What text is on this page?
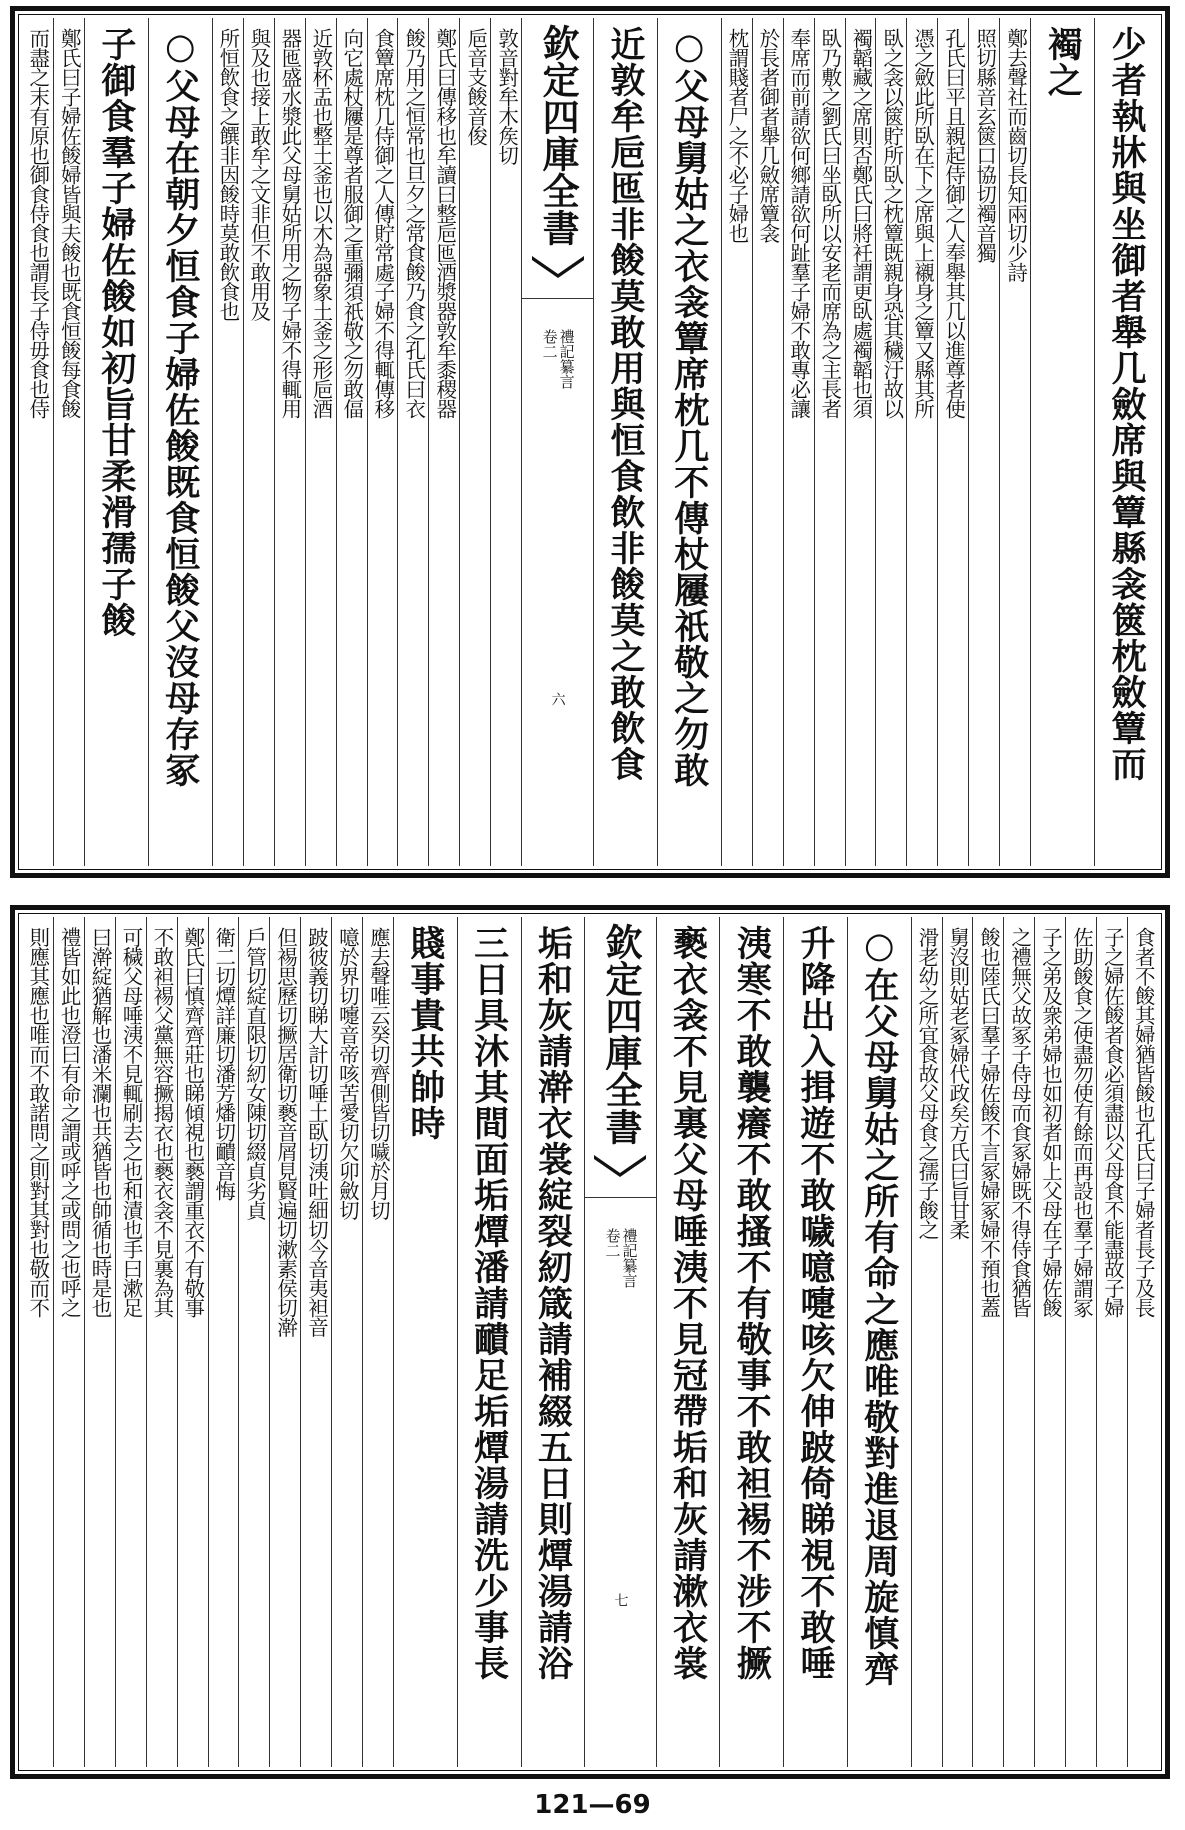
少者執牀與坐御者舉几斂席與簟縣衾篋枕斂簟而
襡之
鄭去聲社而齒切長知兩切少詩
照切縣音玄篋口協切襡音獨
孔氏曰平且親起侍御之人奉舉其几以進尊者使
憑之斂此所臥在下之席與上襯身之簟又縣其所
臥之衾以篋貯所臥之枕簟既親身恐其穢汙故以
襡韜藏之席則否鄭氏曰將衽謂更臥處襡韜也須
臥乃敷之劉氏曰坐臥所以安老而席為之主長者
奉席而前請欲何鄉請欲何趾羣子婦不敢專必讓
於長者御者舉几斂席簟衾
枕謂賤者尸之不必子婦也
○父母舅姑之衣衾簟席枕几不傳杖屨祇敬之勿敢
近敦牟巵匜非餕莫敢用與恒食飲非餕莫之敢飲食
欽定四庫全書
禮記纂言
卷二
六
敦音對牟木矦切
巵音支餕音俊
鄭氏曰傳移也牟讀曰整巵匜酒漿器敦牟黍稷器
餕乃用之恒常也旦夕之常食餕乃食之孔氏曰衣
食簟席枕几侍御之人傳貯常處子婦不得輒傳移
向它處杖屨是尊者服御之重彌須祇敬之勿敢偪
近敦杯盂也整土釜也以木為器象土釜之形巵酒
器匜盛水漿此父母舅姑所用之物子婦不得輒用
與及也接上敢牟之文非但不敢用及
所恒飲食之饌非因餕時莫敢飲食也
○父母在朝夕恒食子婦佐餕既食恒餕父沒母存冢
子御食羣子婦佐餕如初旨甘柔滑孺子餕
鄭氏曰子婦佐餕婦皆與夫餕也既食恒餕每食餕
而盡之末有原也御食侍食也謂長子侍毋食也侍
食者不餕其婦猶皆餕也孔氏曰子婦者長子及長
子之婦佐餕者食必須盡以父母食不能盡故子婦
佐助餕食之使盡勿使有餘而再設也羣子婦謂冢
子之弟及衆弟婦也如初者如上父母在子婦佐餕
之禮無父故冢子侍母而食冢婦既不得侍食猶皆
餕也陸氏曰羣子婦佐餕不言冢婦冢婦不預也蓋
舅沒則姑老冢婦代政矣方氏曰旨甘柔
滑老幼之所宜食故父母食之孺子餕之
○在父母舅姑之所有命之應唯敬對進退周旋慎齊
升降出入揖遊不敢噦噫嚏咳欠伸跛倚睇視不敢唾
洟寒不敢襲癢不敢搔不有敬事不敢袒裼不涉不撅
褻衣衾不見裏父母唾洟不見冠帶垢和灰請漱衣裳
欽定四庫全書
禮記纂言
卷二
七
垢和灰請澣衣裳綻裂紉箴請補綴五日則燂湯請浴
三日具沐其間面垢燂潘請靧足垢燂湯請洗少事長
賤事貴共帥時
應去聲唯云癸切齊側皆切噦於月切
噫於界切嚏音帝咳苦愛切欠卯斂切
跛彼義切睇大計切唾土臥切洟吐細切今音夷袒音
但裼思歷切撅居衛切褻音屑見賢遍切漱素侯切澣
戶管切綻直限切紉女陳切綴貞劣貞
衛二切燂詳廉切潘芳燔切靧音悔
鄭氏曰慎齊齊莊也睇傾視也褻謂重衣不有敬事
不敢袒裼父黨無容撅揭衣也褻衣衾不見裏為其
可穢父母唾洟不見輒刷去之也和漬也手曰漱足
曰澣綻猶解也潘米瀾也共猶皆也帥循也時是也
禮皆如此也澄曰有命之謂或呼之或問之也呼之
則應其應也唯而不敢諾問之則對其對也敬而不
121—69
